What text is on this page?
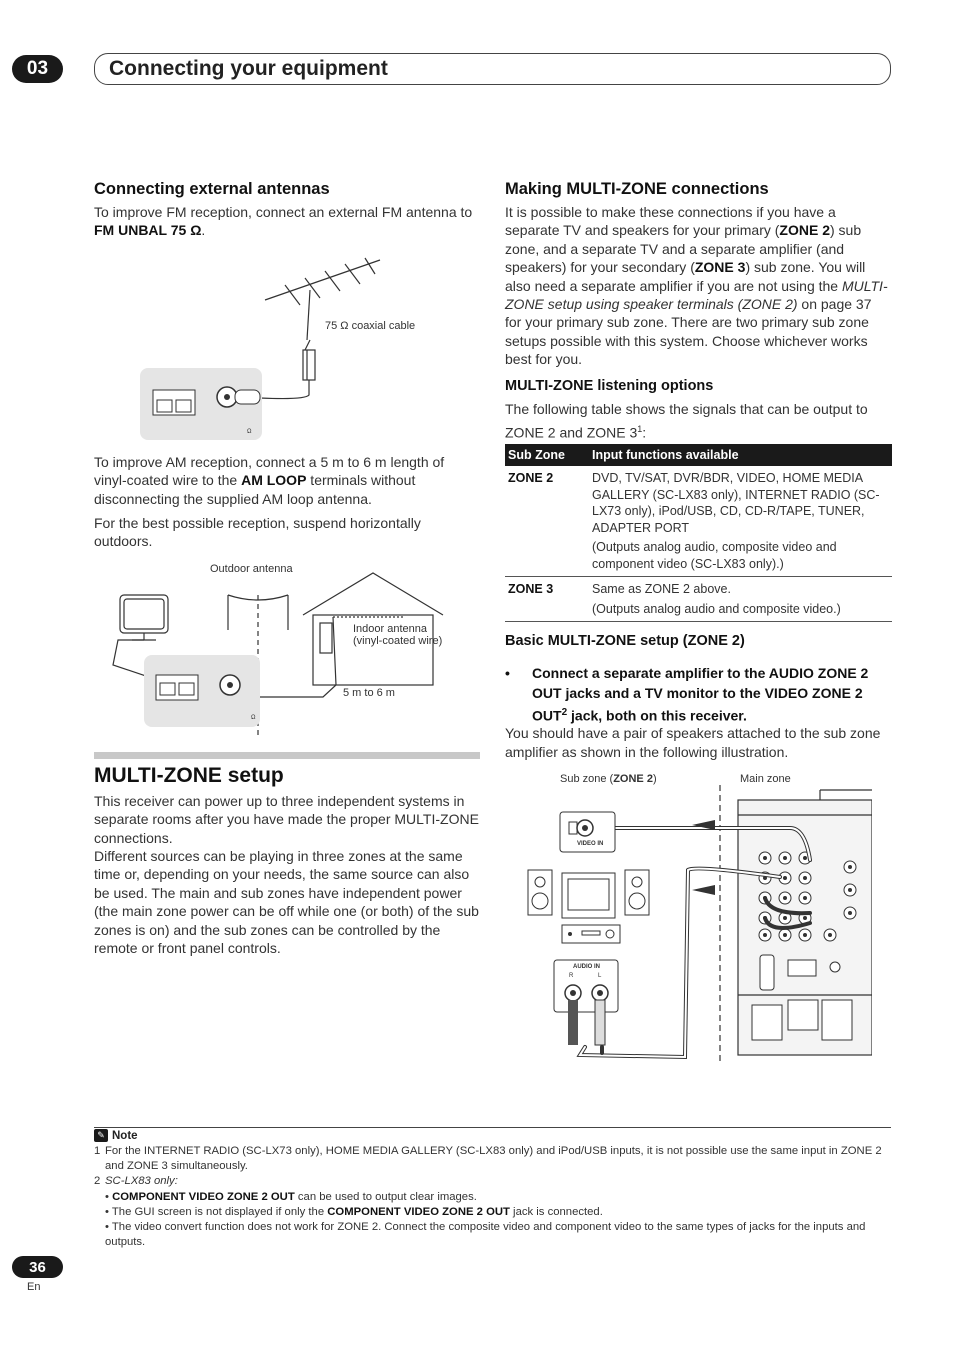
03	Connecting your equipment
Connecting external antennas
To improve FM reception, connect an external FM antenna to FM UNBAL 75 Ω.
Ω
75 Ω coaxial cable
To improve AM reception, connect a 5 m to 6 m length of vinyl-coated wire to the AM LOOP terminals without disconnecting the supplied AM loop antenna.
For the best possible reception, suspend horizontally outdoors.
Ω
Outdoor antenna
Indoor antenna
(vinyl-coated wire)
5 m to 6 m
MULTI-ZONE setup
This receiver can power up to three independent systems in separate rooms after you have made the proper MULTI-ZONE connections.
Different sources can be playing in three zones at the same time or, depending on your needs, the same source can also be used. The main and sub zones have independent power (the main zone power can be off while one (or both) of the sub zones is on) and the sub zones can be controlled by the remote or front panel controls.
Making MULTI-ZONE connections
It is possible to make these connections if you have a separate TV and speakers for your primary (ZONE 2) sub zone, and a separate TV and a separate amplifier (and speakers) for your secondary (ZONE 3) sub zone. You will also need a separate amplifier if you are not using the MULTI-ZONE setup using speaker terminals (ZONE 2) on page 37 for your primary sub zone. There are two primary sub zone setups possible with this system. Choose whichever works best for you.
MULTI-ZONE listening options
The following table shows the signals that can be output to ZONE 2 and ZONE $3^1$:
Sub Zone	Input functions available
ZONE 2	DVD, TV/SAT, DVR/BDR, VIDEO, HOME MEDIA GALLERY (SC-LX83 only), INTERNET RADIO (SC-LX73 only), iPod/USB, CD, CD-R/TAPE, TUNER, ADAPTER PORT
(Outputs analog audio, composite video and component video (SC-LX83 only).)

ZONE 3	Same as ZONE 2 above.
(Outputs analog audio and composite video.)
Basic MULTI-ZONE setup (ZONE 2)
•	Connect a separate amplifier to the AUDIO ZONE 2 OUT jacks and a TV monitor to the VIDEO ZONE 2 OUT$^2$ jack, both on this receiver.
You should have a pair of speakers attached to the sub zone amplifier as shown in the following illustration.
Sub zone (ZONE 2)	Main zone
VIDEO IN
AUDIO IN
R	L
✎ Note
1 For the INTERNET RADIO (SC-LX73 only), HOME MEDIA GALLERY (SC-LX83 only) and iPod/USB inputs, it is not possible use the same input in ZONE 2 and ZONE 3 simultaneously.
2 SC-LX83 only:
• COMPONENT VIDEO ZONE 2 OUT can be used to output clear images.
• The GUI screen is not displayed if only the COMPONENT VIDEO ZONE 2 OUT jack is connected.
• The video convert function does not work for ZONE 2. Connect the composite video and component video to the same types of jacks for the inputs and outputs.
36
En
